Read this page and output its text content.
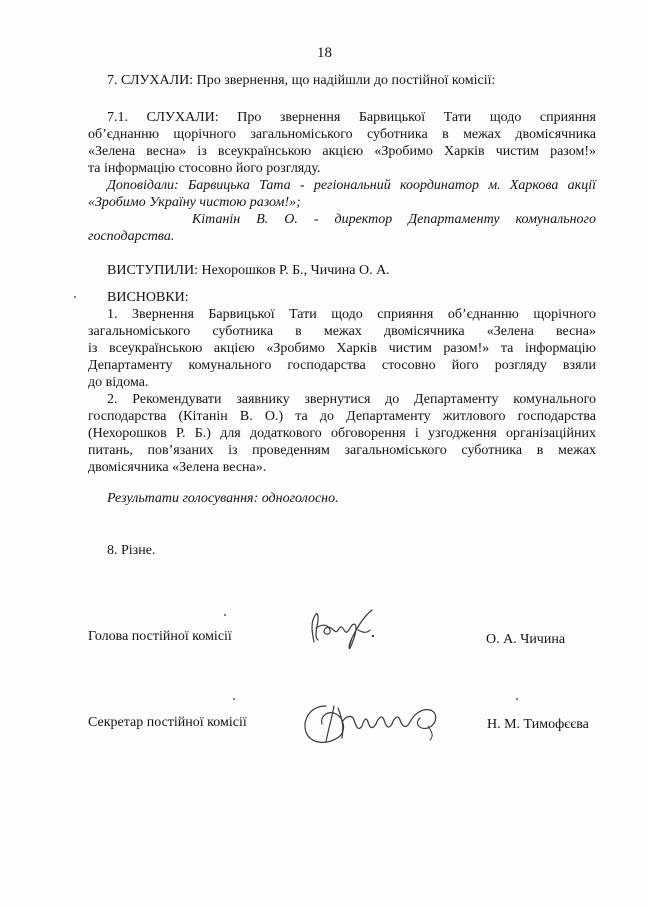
18
7. СЛУХАЛИ: Про звернення, що надійшли до постійної комісії:
7.1. СЛУХАЛИ: Про звернення Барвицької Тати щодо сприяння
об’єднанню щорічного загальноміського суботника в межах двомісячника
«Зелена весна» із всеукраїнською акцією «Зробимо Харків чистим разом!»
та інформацію стосовно його розгляду.
Доповідали: Барвицька Тата - регіональний координатор м. Харкова акції
«Зробимо Україну чистою разом!»;
Кітанін В. О. - директор Департаменту комунального
господарства.
ВИСТУПИЛИ: Нехорошков Р. Б., Чичина О. А.
ВИСНОВКИ:
1. Звернення Барвицької Тати щодо сприяння об’єднанню щорічного
загальноміського суботника в межах двомісячника «Зелена весна»
із всеукраїнською акцією «Зробимо Харків чистим разом!» та інформацію
Департаменту комунального господарства стосовно його розгляду взяли
до відома.
2. Рекомендувати заявнику звернутися до Департаменту комунального
господарства (Кітанін В. О.) та до Департаменту житлового господарства
(Нехорошков Р. Б.) для додаткового обговорення і узгодження організаційних
питань, пов’язаних із проведенням загальноміського суботника в межах
двомісячника «Зелена весна».
Результати голосування: одноголосно.
8. Різне.
Голова постійної комісії	О. А. Чичина
Секретар постійної комісії	Н. М. Тимофєєва
